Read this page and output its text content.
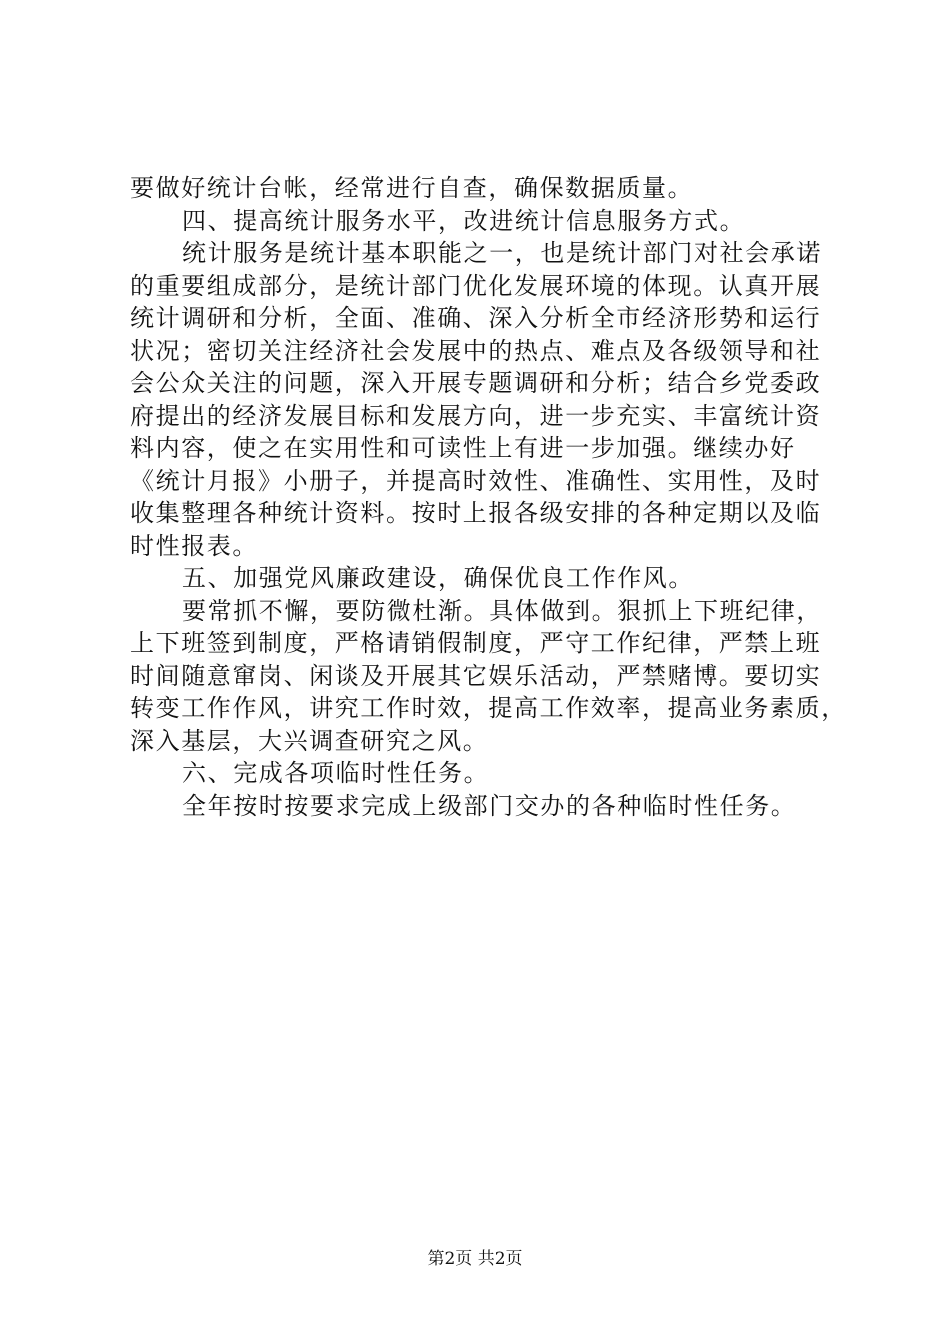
要做好统计台帐，经常进行自查，确保数据质量。
四、提高统计服务水平，改进统计信息服务方式。
统计服务是统计基本职能之一，也是统计部门对社会承诺
的重要组成部分，是统计部门优化发展环境的体现。认真开展
统计调研和分析，全面、准确、深入分析全市经济形势和运行
状况；密切关注经济社会发展中的热点、难点及各级领导和社
会公众关注的问题，深入开展专题调研和分析；结合乡党委政
府提出的经济发展目标和发展方向，进一步充实、丰富统计资
料内容，使之在实用性和可读性上有进一步加强。继续办好
《统计月报》小册子，并提高时效性、准确性、实用性，及时
收集整理各种统计资料。按时上报各级安排的各种定期以及临
时性报表。
五、加强党风廉政建设，确保优良工作作风。
要常抓不懈，要防微杜渐。具体做到。狠抓上下班纪律，
上下班签到制度，严格请销假制度，严守工作纪律，严禁上班
时间随意窜岗、闲谈及开展其它娱乐活动，严禁赌博。要切实
转变工作作风，讲究工作时效，提高工作效率，提高业务素质，
深入基层，大兴调查研究之风。
六、完成各项临时性任务。
全年按时按要求完成上级部门交办的各种临时性任务。
第2页 共2页
